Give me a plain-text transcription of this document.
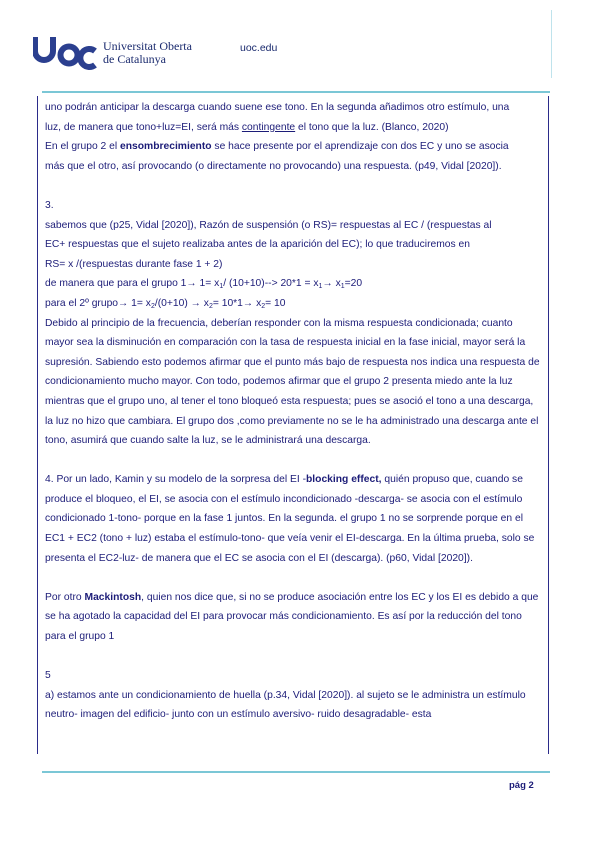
Universitat Oberta
de Catalunya
uoc.edu

uno podrán anticipar la descarga cuando suene ese tono. En la segunda añadimos otro estímulo, una

luz, de manera que tono+luz=EI, será más contingente el tono que la luz. (Blanco, 2020)

En el grupo 2 el ensombrecimiento se hace presente por el aprendizaje con dos EC y uno se asocia

más que el otro, así provocando (o directamente no provocando) una respuesta. (p49, Vidal [2020]).

3.

sabemos que (p25, Vidal [2020]), Razón de suspensión (o RS)= respuestas al EC / (respuestas al

EC+ respuestas que el sujeto realizaba antes de la aparición del EC); lo que traduciremos en

RS= x /(respuestas durante fase 1 + 2)

de manera que para el grupo $1\to 1= x_1/$ $(10+10)--> 20*1 = x_1\to x_1=20$

para el 2º grupo→ $1= x_2/(0+10) \to x_2= 10*1\to x_2= 10$

Debido al principio de la frecuencia, deberían responder con la misma respuesta condicionada; cuanto mayor sea la disminución en comparación con la tasa de respuesta inicial en la fase inicial, mayor será la supresión. Sabiendo esto podemos afirmar que el punto más bajo de respuesta nos indica una respuesta de condicionamiento mucho mayor. Con todo, podemos afirmar que el grupo 2 presenta miedo ante la luz mientras que el grupo uno, al tener el tono bloqueó esta respuesta; pues se asoció el tono a una descarga, la luz no hizo que cambiara. El grupo dos ,como previamente no se le ha administrado una descarga ante el tono, asumirá que cuando salte la luz, se le administrará una descarga.

4. Por un lado, Kamin y su modelo de la sorpresa del EI -blocking effect, quién propuso que, cuando se produce el bloqueo, el EI, se asocia con el estímulo incondicionado -descarga- se asocia con el estímulo condicionado 1-tono- porque en la fase 1 juntos. En la segunda. el grupo 1 no se sorprende porque en el EC1 + EC2 (tono + luz) estaba el estímulo-tono- que veía venir el EI-descarga. En la última prueba, solo se presenta el EC2-luz- de manera que el EC se asocia con el EI (descarga). (p60, Vidal [2020]).

Por otro Mackintosh, quien nos dice que, si no se produce asociación entre los EC y los EI es debido a que se ha agotado la capacidad del EI para provocar más condicionamiento. Es así por la reducción del tono para el grupo 1

5

a) estamos ante un condicionamiento de huella (p.34, Vidal [2020]). al sujeto se le administra un estímulo neutro- imagen del edificio- junto con un estímulo aversivo- ruido desagradable- esta

pág 2
